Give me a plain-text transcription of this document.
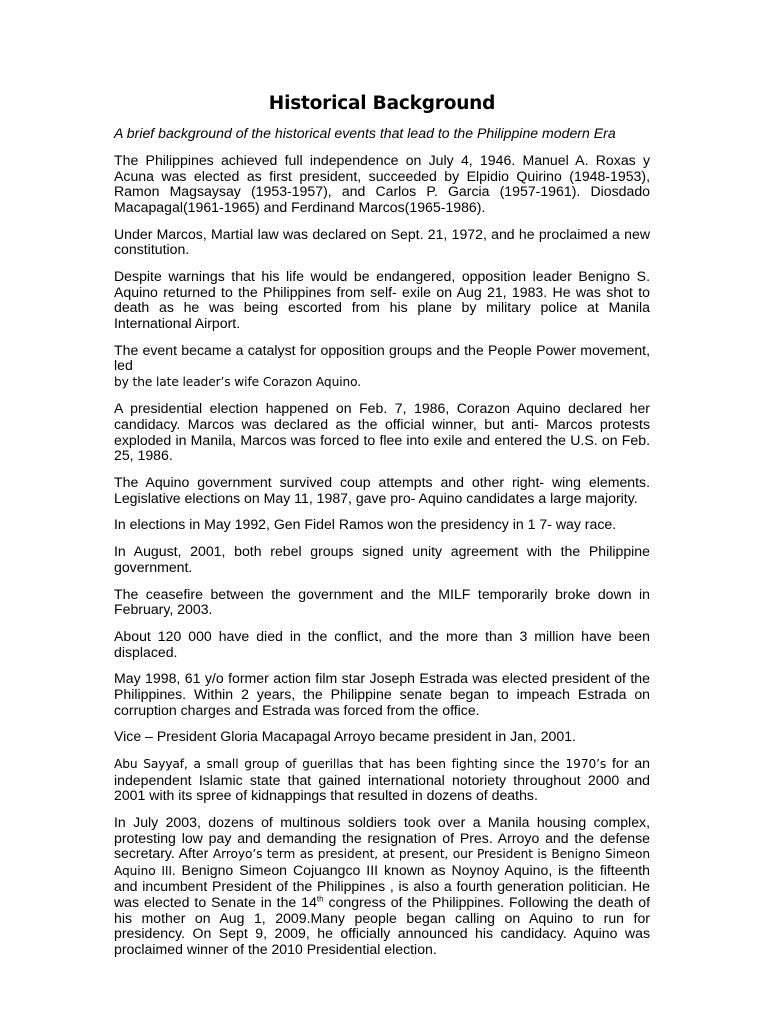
Historical Background

A brief background of the historical events that lead to the Philippine modern Era

The Philippines achieved full independence on July 4, 1946. Manuel A. Roxas y Acuna was elected as first president, succeeded by Elpidio Quirino (1948-1953), Ramon Magsaysay (1953-1957), and Carlos P. Garcia (1957-1961). Diosdado Macapagal(1961-1965) and Ferdinand Marcos(1965-1986).

Under Marcos, Martial law was declared on Sept. 21, 1972, and he proclaimed a new constitution.

Despite warnings that his life would be endangered, opposition leader Benigno S. Aquino returned to the Philippines from self- exile on Aug 21, 1983. He was shot to death as he was being escorted from his plane by military police at Manila International Airport.

The event became a catalyst for opposition groups and the People Power movement, led
by the late leader’s wife Corazon Aquino.

A presidential election happened on Feb. 7, 1986, Corazon Aquino declared her candidacy. Marcos was declared as the official winner, but anti- Marcos protests exploded in Manila, Marcos was forced to flee into exile and entered the U.S. on Feb. 25, 1986.

The Aquino government survived coup attempts and other right- wing elements. Legislative elections on May 11, 1987, gave pro- Aquino candidates a large majority.

In elections in May 1992, Gen Fidel Ramos won the presidency in 1 7- way race.

In August, 2001, both rebel groups signed unity agreement with the Philippine government.

The ceasefire between the government and the MILF temporarily broke down in February, 2003.

About 120 000 have died in the conflict, and the more than 3 million have been displaced.

May 1998, 61 y/o former action film star Joseph Estrada was elected president of the Philippines. Within 2 years, the Philippine senate began to impeach Estrada on corruption charges and Estrada was forced from the office.

Vice – President Gloria Macapagal Arroyo became president in Jan, 2001.

Abu Sayyaf, a small group of guerillas that has been fighting since the 1970’s for an independent Islamic state that gained international notoriety throughout 2000 and 2001 with its spree of kidnappings that resulted in dozens of deaths.

In July 2003, dozens of multinous soldiers took over a Manila housing complex, protesting low pay and demanding the resignation of Pres. Arroyo and the defense secretary. After Arroyo’s term as president, at present, our President is Benigno Simeon Aquino III. Benigno Simeon Cojuangco III known as Noynoy Aquino, is the fifteenth and incumbent President of the Philippines , is also a fourth generation politician. He was elected to Senate in the 14th congress of the Philippines. Following the death of his mother on Aug 1, 2009.Many people began calling on Aquino to run for presidency. On Sept 9, 2009, he officially announced his candidacy. Aquino was proclaimed winner of the 2010 Presidential election.
